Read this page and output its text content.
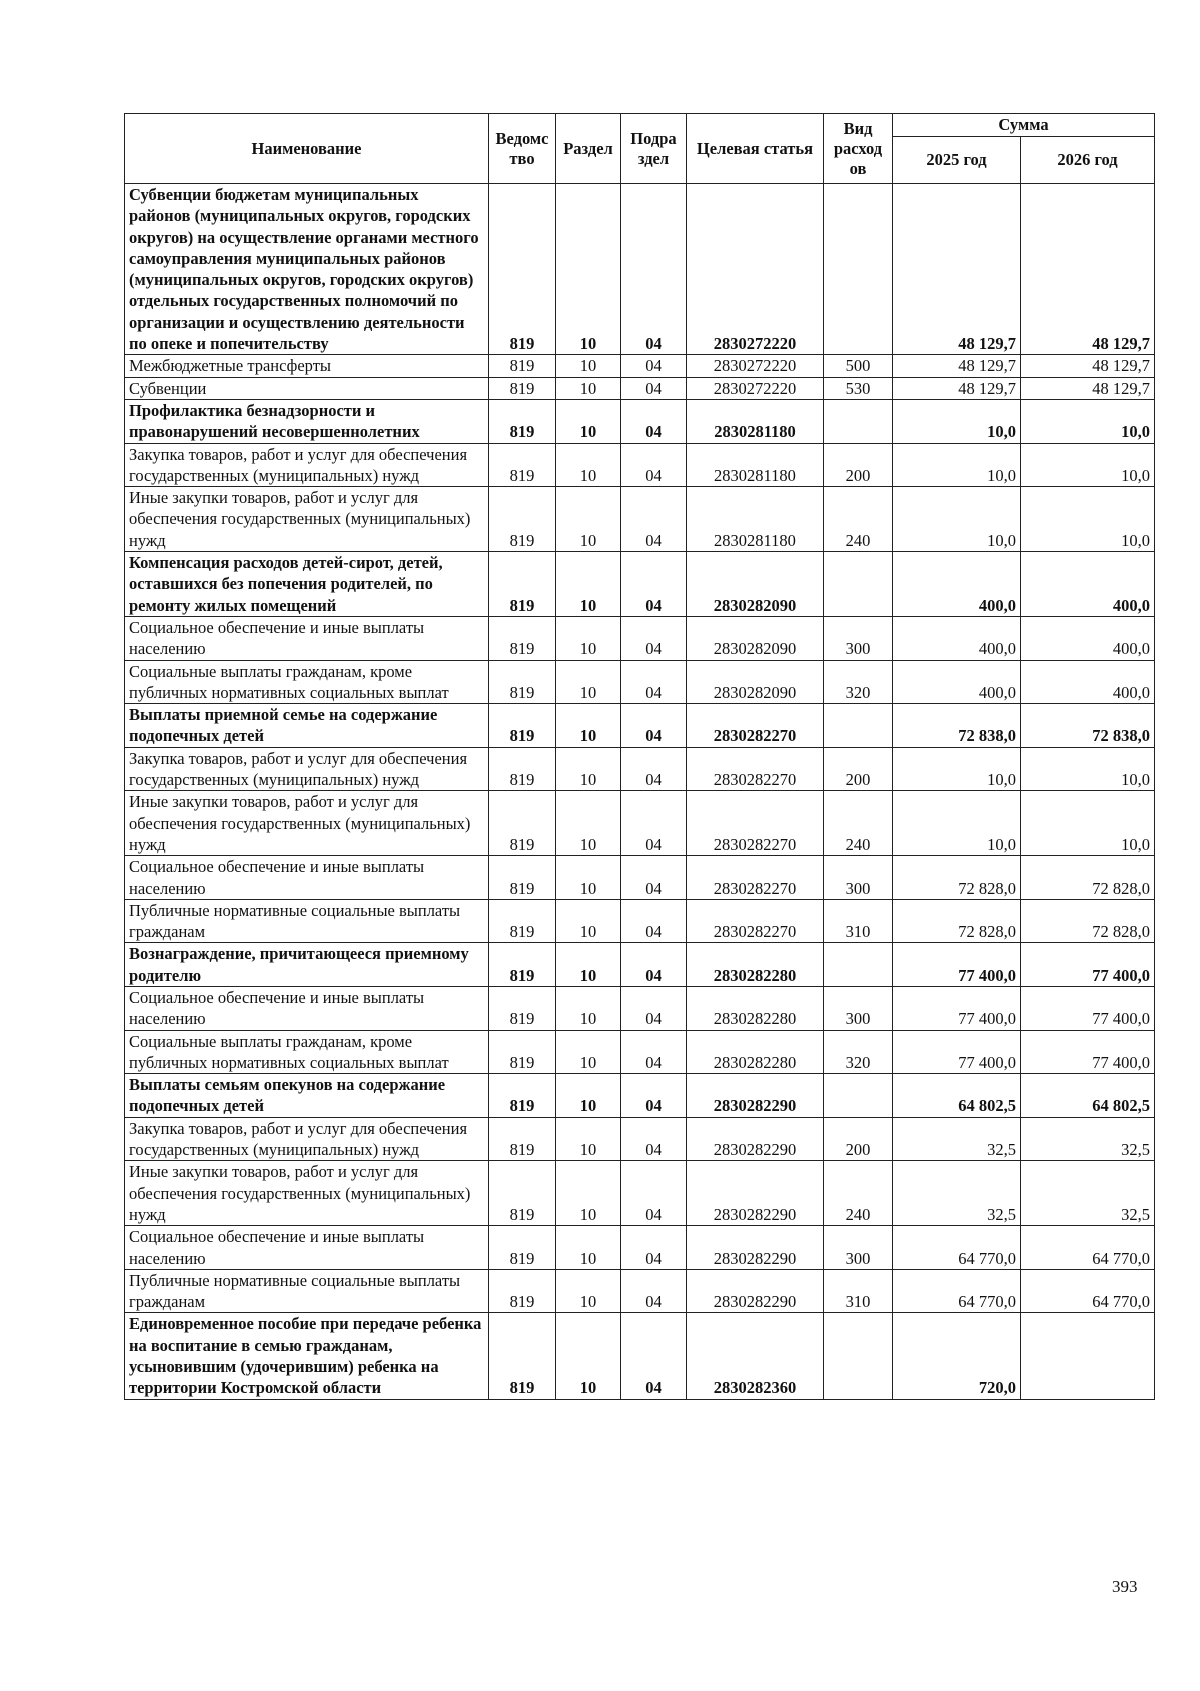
Наименование	Ведомс тво	Раздел	Подра здел	Целевая статья	Вид расход ов	Сумма	
						2025 год	2026 год
Субвенции бюджетам муниципальных районов (муниципальных округов, городских округов) на осуществление органами местного самоуправления муниципальных районов (муниципальных округов, городских округов) отдельных государственных полномочий по организации и осуществлению деятельности по опеке и попечительству	819	10	04	2830272220		48 129,7	48 129,7
Межбюджетные трансферты	819	10	04	2830272220	500	48 129,7	48 129,7
Субвенции	819	10	04	2830272220	530	48 129,7	48 129,7
Профилактика безнадзорности и правонарушений несовершеннолетних	819	10	04	2830281180		10,0	10,0
Закупка товаров, работ и услуг для обеспечения государственных (муниципальных) нужд	819	10	04	2830281180	200	10,0	10,0
Иные закупки товаров, работ и услуг для обеспечения государственных (муниципальных) нужд	819	10	04	2830281180	240	10,0	10,0
Компенсация расходов детей-сирот, детей, оставшихся без попечения родителей, по ремонту жилых помещений	819	10	04	2830282090		400,0	400,0
Социальное обеспечение и иные выплаты населению	819	10	04	2830282090	300	400,0	400,0
Социальные выплаты гражданам, кроме публичных нормативных социальных выплат	819	10	04	2830282090	320	400,0	400,0
Выплаты приемной семье на содержание подопечных детей	819	10	04	2830282270		72 838,0	72 838,0
Закупка товаров, работ и услуг для обеспечения государственных (муниципальных) нужд	819	10	04	2830282270	200	10,0	10,0
Иные закупки товаров, работ и услуг для обеспечения государственных (муниципальных) нужд	819	10	04	2830282270	240	10,0	10,0
Социальное обеспечение и иные выплаты населению	819	10	04	2830282270	300	72 828,0	72 828,0
Публичные нормативные социальные выплаты гражданам	819	10	04	2830282270	310	72 828,0	72 828,0
Вознаграждение, причитающееся приемному родителю	819	10	04	2830282280		77 400,0	77 400,0
Социальное обеспечение и иные выплаты населению	819	10	04	2830282280	300	77 400,0	77 400,0
Социальные выплаты гражданам, кроме публичных нормативных социальных выплат	819	10	04	2830282280	320	77 400,0	77 400,0
Выплаты семьям опекунов на содержание подопечных детей	819	10	04	2830282290		64 802,5	64 802,5
Закупка товаров, работ и услуг для обеспечения государственных (муниципальных) нужд	819	10	04	2830282290	200	32,5	32,5
Иные закупки товаров, работ и услуг для обеспечения государственных (муниципальных) нужд	819	10	04	2830282290	240	32,5	32,5
Социальное обеспечение и иные выплаты населению	819	10	04	2830282290	300	64 770,0	64 770,0
Публичные нормативные социальные выплаты гражданам	819	10	04	2830282290	310	64 770,0	64 770,0
Единовременное пособие при передаче ребенка на воспитание в семью гражданам, усыновившим (удочерившим) ребенка на территории Костромской области	819	10	04	2830282360		720,0	
393
